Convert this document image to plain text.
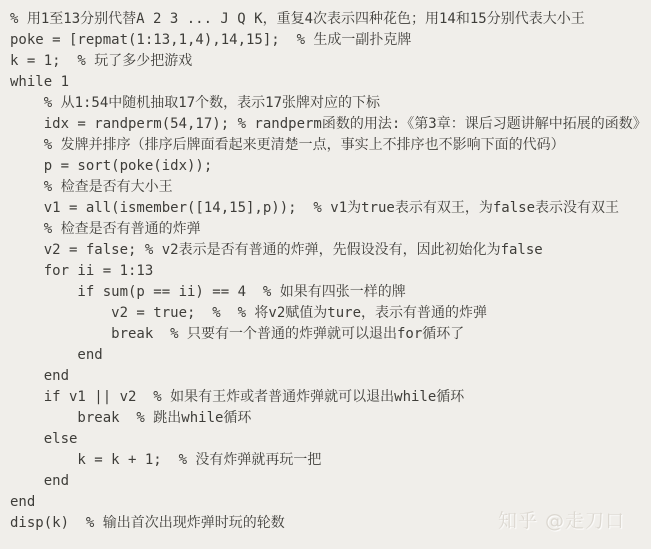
% 用1至13分别代替A 2 3 ... J Q K，重复4次表示四种花色；用14和15分别代表大小王
poke = [repmat(1:13,1,4),14,15];  % 生成一副扑克牌
k = 1;  % 玩了多少把游戏
while 1
% 从1:54中随机抽取17个数，表示17张牌对应的下标
idx = randperm(54,17); % randperm函数的用法:《第3章：课后习题讲解中拓展的函数》
% 发牌并排序（排序后牌面看起来更清楚一点，事实上不排序也不影响下面的代码）
p = sort(poke(idx));
% 检查是否有大小王
v1 = all(ismember([14,15],p));  % v1为true表示有双王，为false表示没有双王
% 检查是否有普通的炸弹
v2 = false; % v2表示是否有普通的炸弹，先假设没有，因此初始化为false
for ii = 1:13
if sum(p == ii) == 4  % 如果有四张一样的牌
v2 = true;  %  % 将v2赋值为ture，表示有普通的炸弹
break  % 只要有一个普通的炸弹就可以退出for循环了
end
end
if v1 || v2  % 如果有王炸或者普通炸弹就可以退出while循环
break  % 跳出while循环
else
k = k + 1;  % 没有炸弹就再玩一把
end
end
disp(k)  % 输出首次出现炸弹时玩的轮数	知乎 @走刀口
